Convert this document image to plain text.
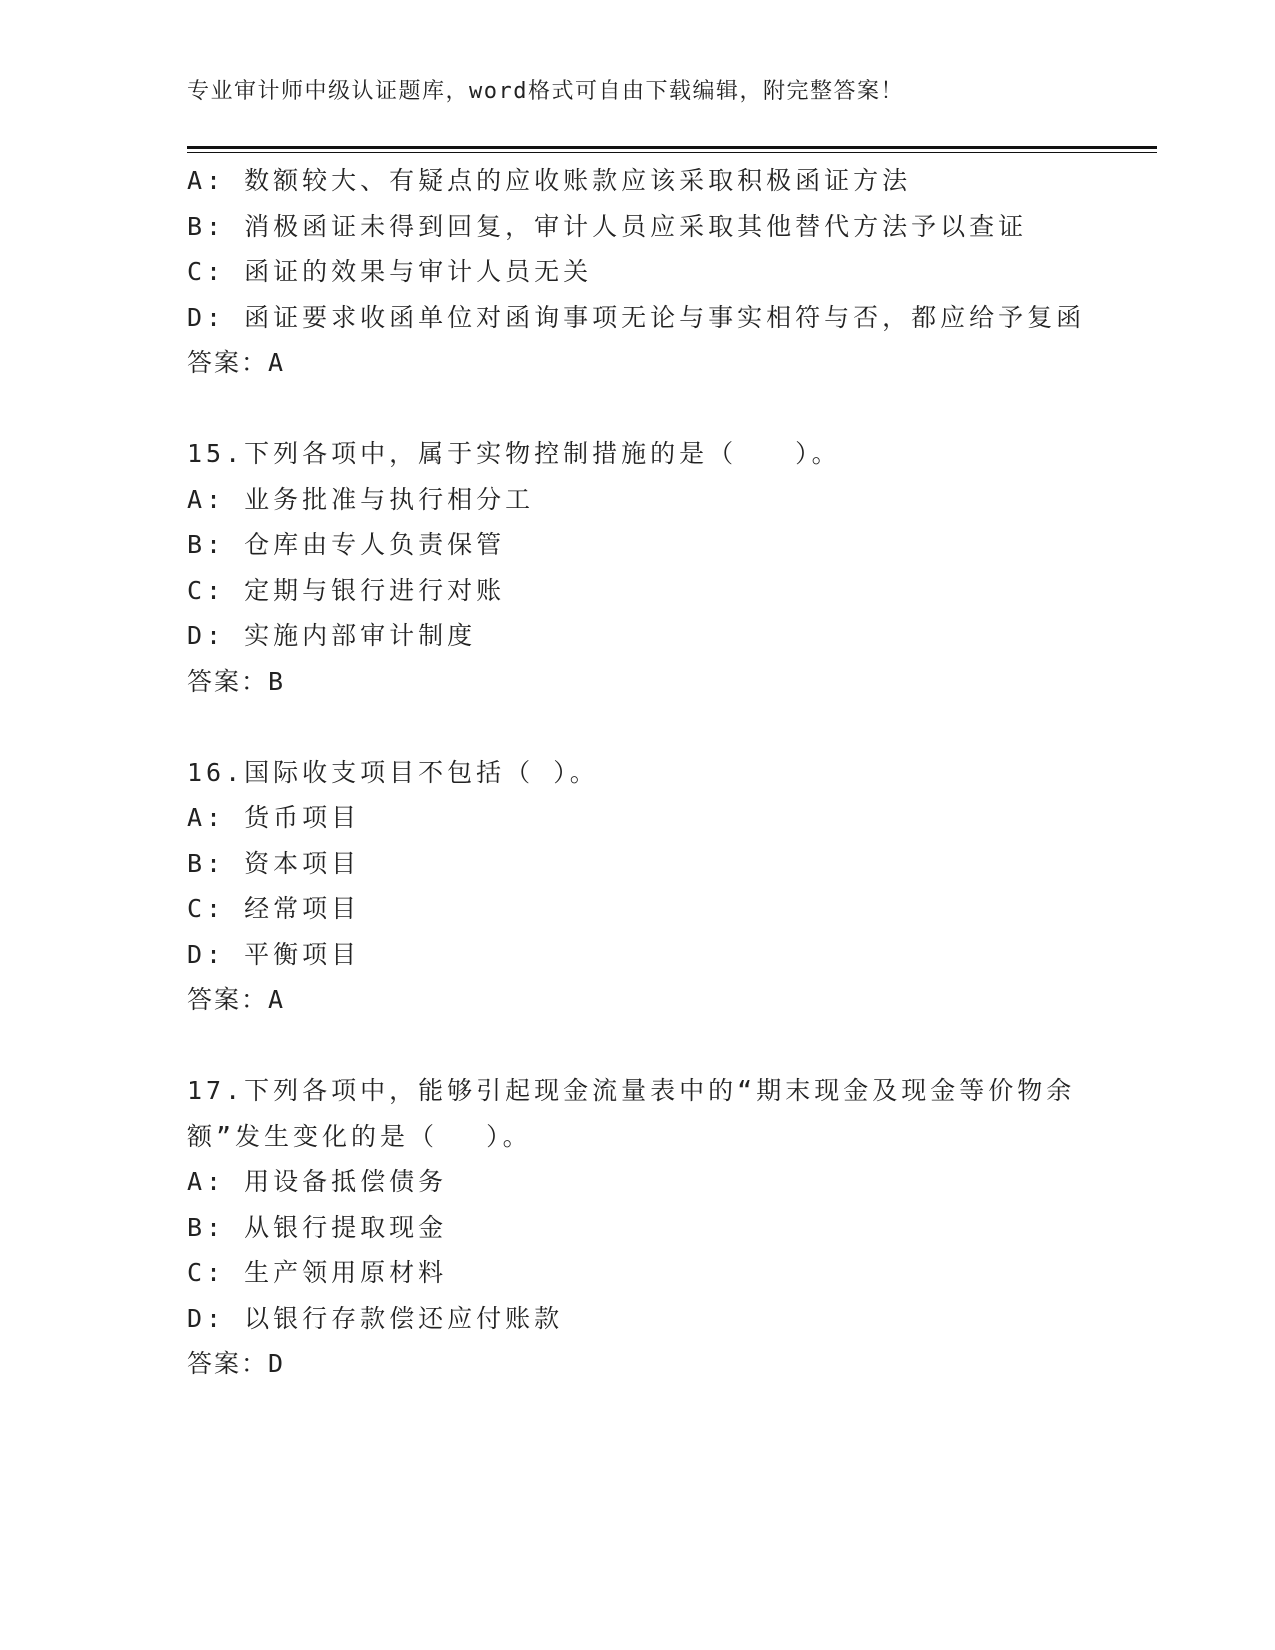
专业审计师中级认证题库，word格式可自由下载编辑，附完整答案！
A: 数额较大、有疑点的应收账款应该采取积极函证方法
B: 消极函证未得到回复，审计人员应采取其他替代方法予以查证
C: 函证的效果与审计人员无关
D: 函证要求收函单位对函询事项无论与事实相符与否，都应给予复函
答案：A
15.下列各项中，属于实物控制措施的是（　　）。
A: 业务批准与执行相分工
B: 仓库由专人负责保管
C: 定期与银行进行对账
D: 实施内部审计制度
答案：B
16.国际收支项目不包括（ ）。
A: 货币项目
B: 资本项目
C: 经常项目
D: 平衡项目
答案：A
17.下列各项中，能够引起现金流量表中的“期末现金及现金等价物余
额”发生变化的是（　 ）。
A: 用设备抵偿债务
B: 从银行提取现金
C: 生产领用原材料
D: 以银行存款偿还应付账款
答案：D
